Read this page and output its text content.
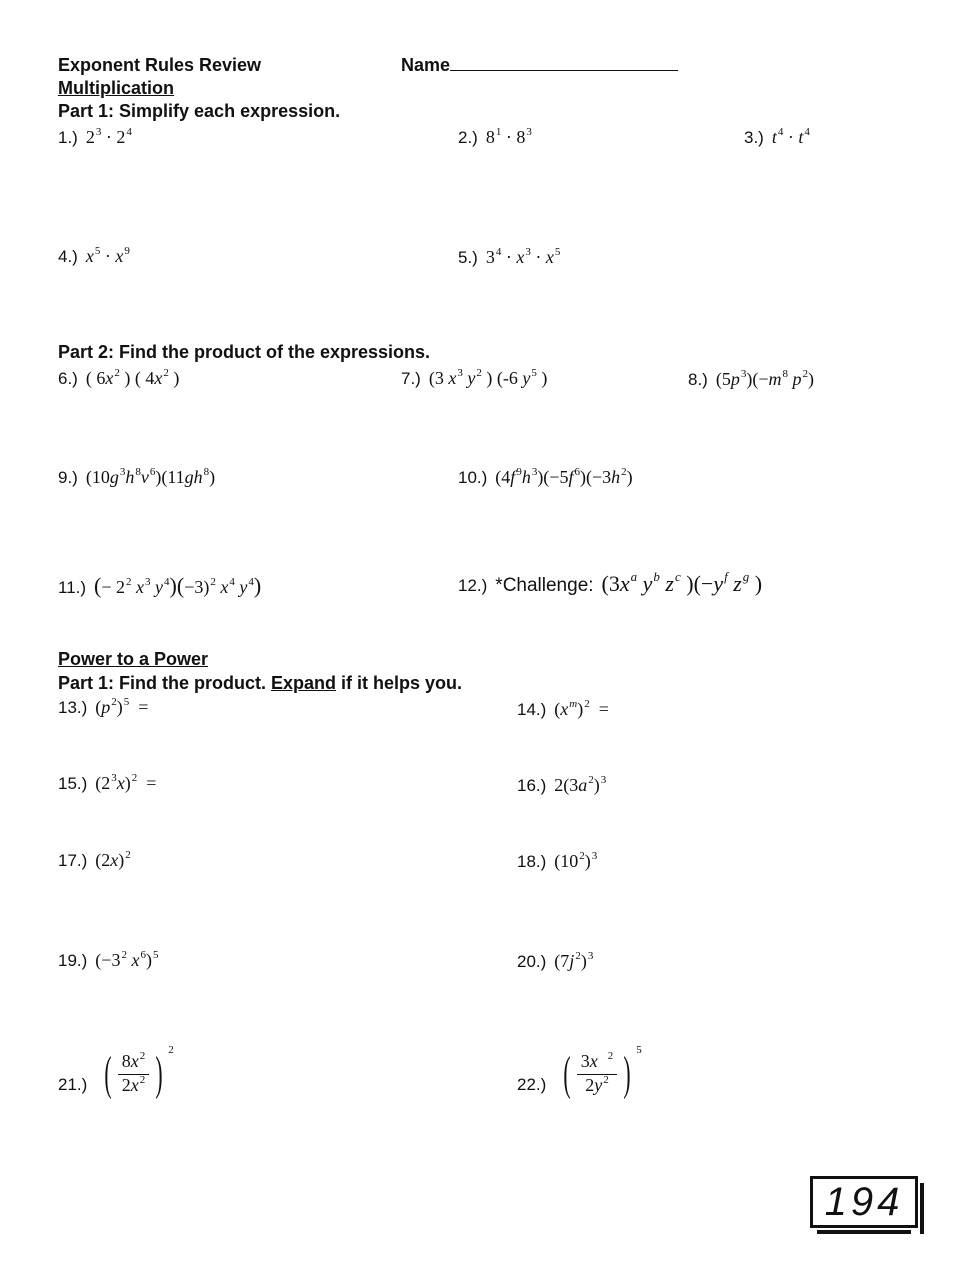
Exponent Rules Review	Name
Multiplication
Part 1: Simplify each expression.
1.) $2^3 \cdot 2^4$	2.) $8^1 \cdot 8^3$	3.) $t^4 \cdot t^4$
4.) $x^5 \cdot x^9$	5.) $3^4 \cdot x^3 \cdot x^5$
Part 2: Find the product of the expressions.
6.) ( $6x^2$ ) ( $4x^2$ )	7.) (3 $x^3$ $y^2$ ) (-6 $y^5$ )	8.) $(5p^3)(-m^8$ $p^2$)
9.) $(10g^3h^8v^6)(11gh^8)$	10.) $(4f^9h^3)(-5f^6)(-3h^2)$
11.) (− $2^2$ $x^3$ $y^4)(-3)^2$ $x^4$ $y^4$)	12.) *Challenge: ($3x^a$ $y^b$ $z^c$ )($-y^f$ $z^g$ )
Power to a Power
Part 1: Find the product. Expand if it helps you.
13.) $(p^2)^5$  =	14.) $(x^m)^2$  =
15.) $(2^3x)^2$  =	16.) $2(3a^2)^3$
17.) $(2x)^2$	18.) $(10^2)^3$
19.) ($-3^2$ $x^6)^5$	20.) $(7j^2)^3$
21.) ( $\frac{8x^2}{2x^2}$ ) $^2$
22.) ( $\frac{3x ^2}{2y^2}$ ) $^5$
194
